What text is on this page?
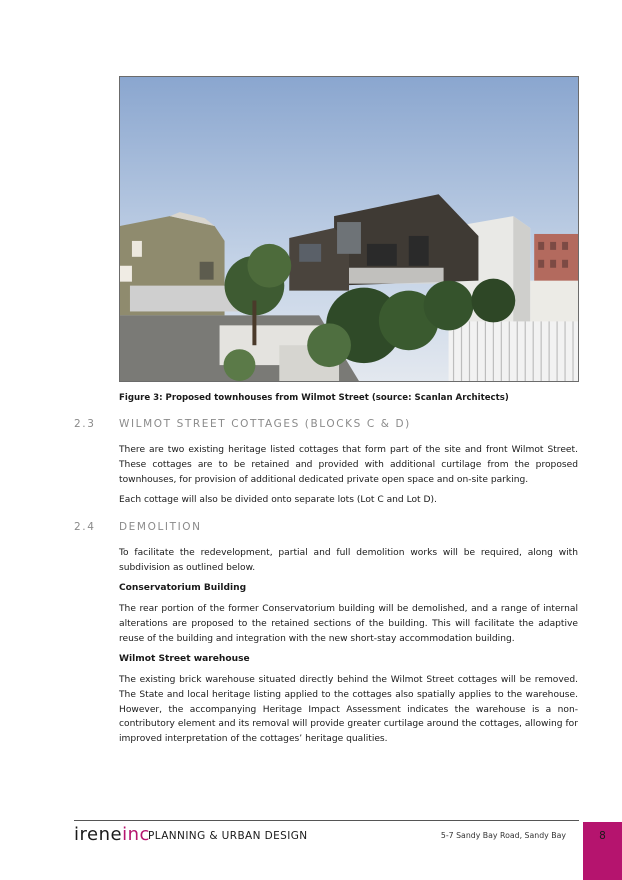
Figure 3: Proposed townhouses from Wilmot Street (source: Scanlan Architects)
2.3 WILMOT STREET COTTAGES (BLOCKS C & D)

There are two existing heritage listed cottages that form part of the site and front Wilmot Street. These cottages are to be retained and provided with additional curtilage from the proposed townhouses, for provision of additional dedicated private open space and on-site parking.

Each cottage will also be divided onto separate lots (Lot C and Lot D).

2.4 DEMOLITION

To facilitate the redevelopment, partial and full demolition works will be required, along with subdivision as outlined below.

Conservatorium Building

The rear portion of the former Conservatorium building will be demolished, and a range of internal alterations are proposed to the retained sections of the building. This will facilitate the adaptive reuse of the building and integration with the new short-stay accommodation building.

Wilmot Street warehouse

The existing brick warehouse situated directly behind the Wilmot Street cottages will be removed. The State and local heritage listing applied to the cottages also spatially applies to the warehouse. However, the accompanying Heritage Impact Assessment indicates the warehouse is a non-contributory element and its removal will provide greater curtilage around the cottages, allowing for improved interpretation of the cottages’ heritage qualities.

ireneinc
PLANNING & URBAN DESIGN	5-7 Sandy Bay Road, Sandy Bay	8
